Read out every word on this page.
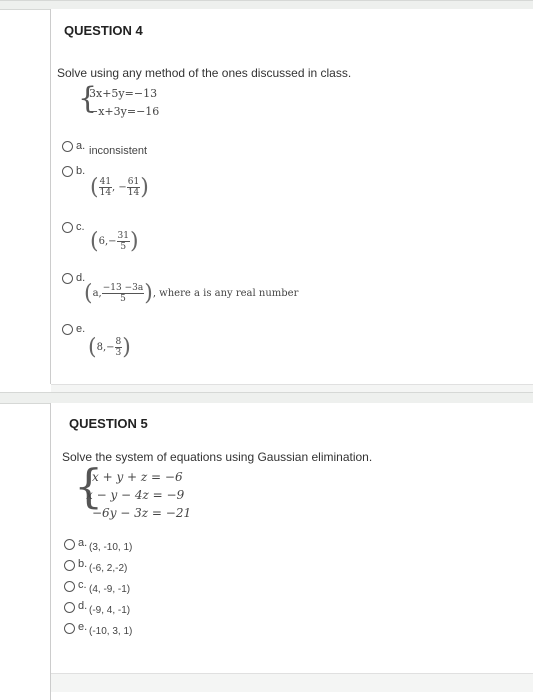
QUESTION 4
Solve using any method of the ones discussed in class.
{
3x+5y=−13
−x+3y=−16
a. inconsistent
b.
( $\frac{41}{14}$ , − $\frac{61}{14}$ )
c.
( 6, − $\frac{31}{5}$ )
d.
( a, $\frac{-13 -3a}{5}$ ) , where a is any real number
e.
( 8, − $\frac{8}{3}$ )
QUESTION 5
Solve the system of equations using Gaussian elimination.
{
x + y + z = −6
x − y − 4z = −9
−6y − 3z = −21
a. (3, -10, 1)
b. (-6, 2,-2)
c. (4, -9, -1)
d. (-9, 4, -1)
e. (-10, 3, 1)
